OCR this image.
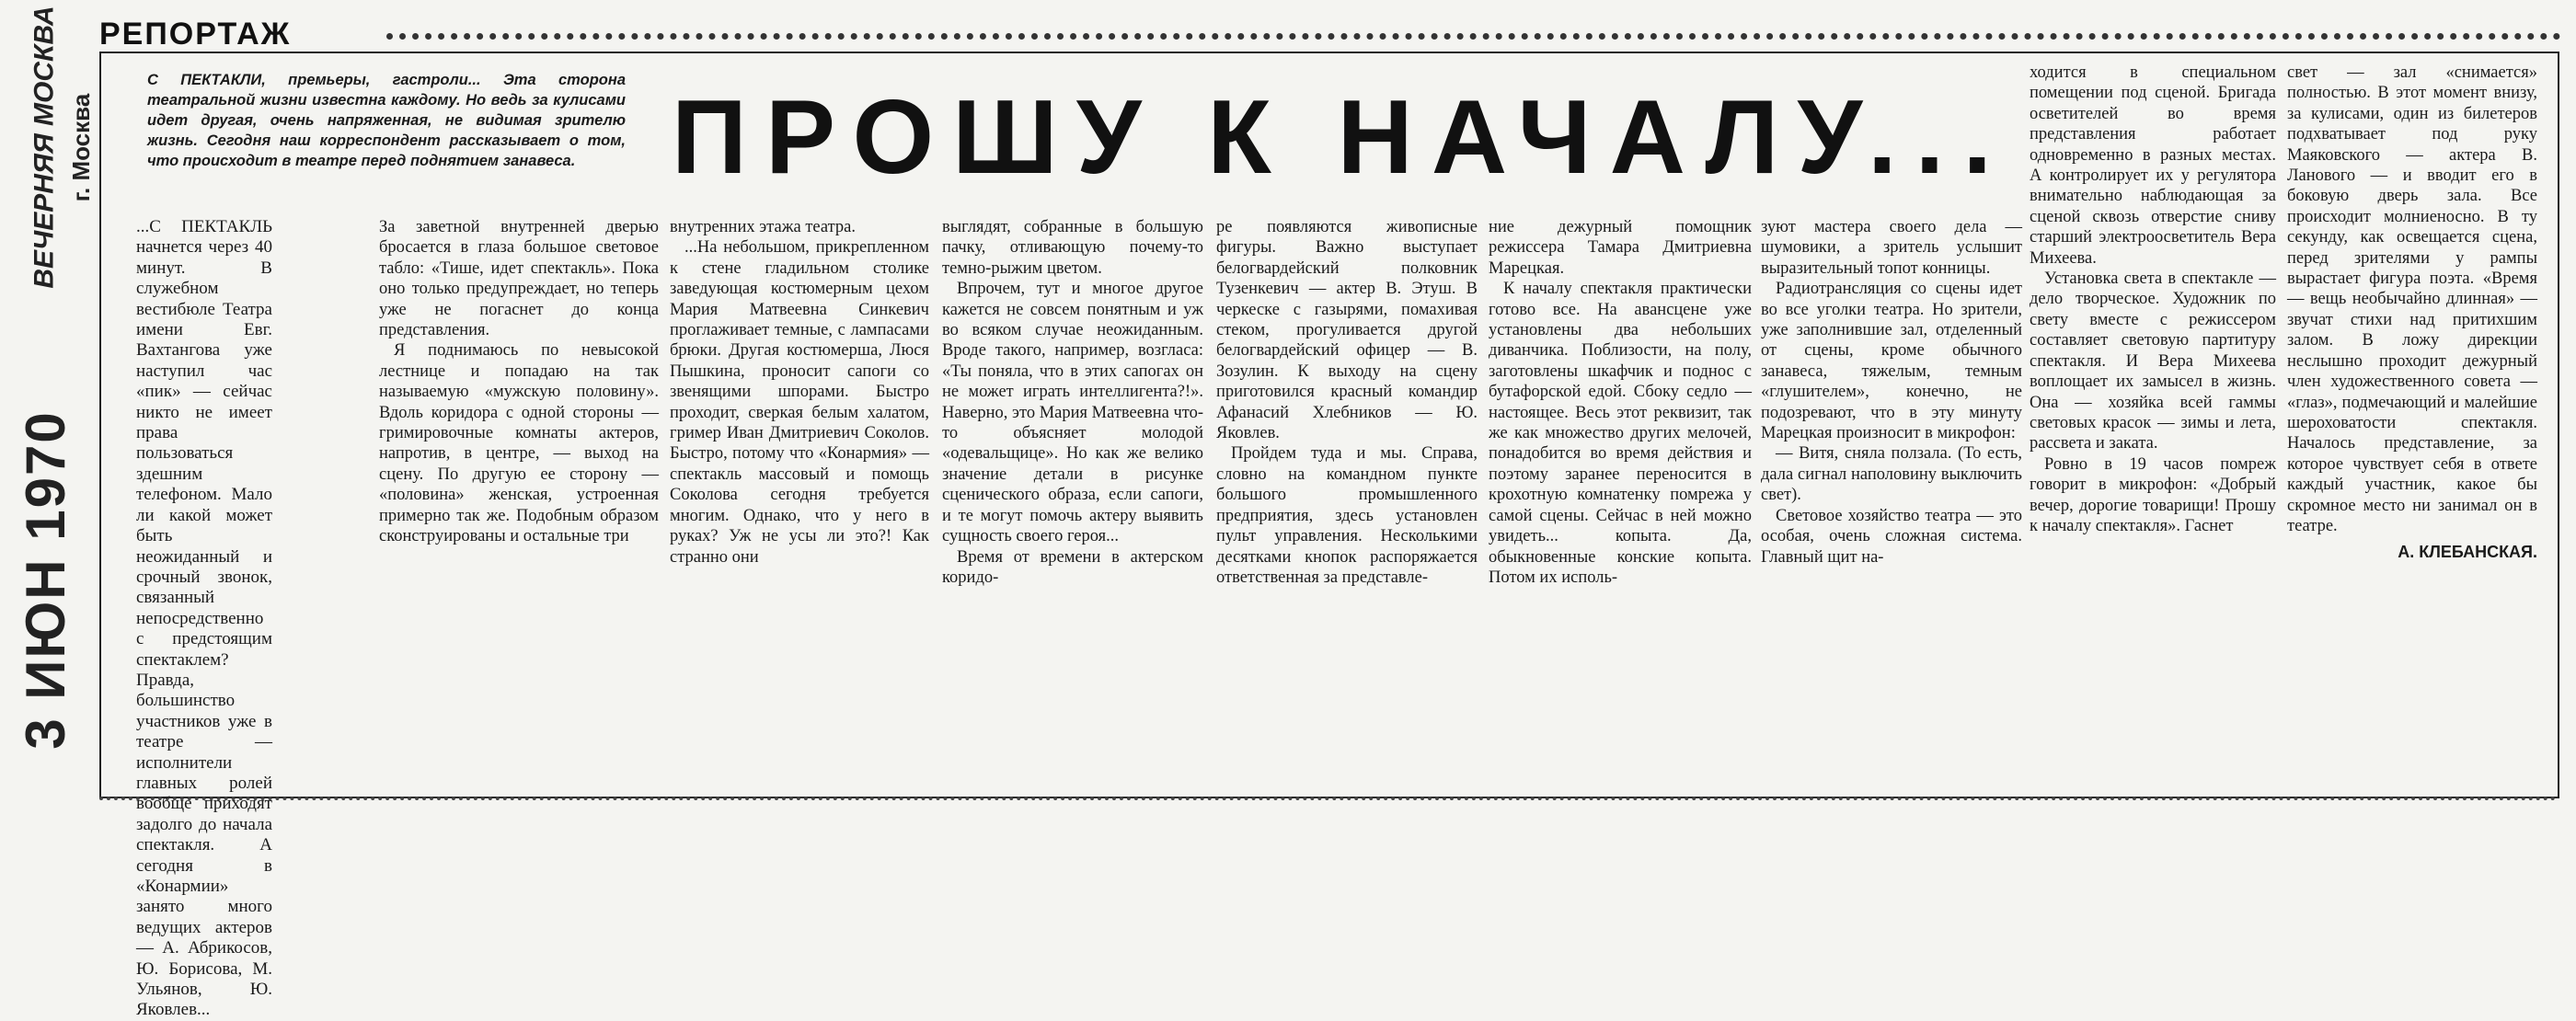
РЕПОРТАЖ
ВЕЧЕРНЯЯ МОСКВА г. Москва
3 ИЮН 1970
С ПЕКТАКЛИ, премьеры, гастроли... Эта сторона театральной жизни известна каждому. Но ведь за кулисами идет другая, очень напряженная, не видимая зрителю жизнь. Сегодня наш корреспондент рассказывает о том, что происходит в театре перед поднятием занавеса. ПРОШУ К НАЧАЛУ...

...С ПЕКТАКЛЬ начнется через 40 минут. В служебном вестибюле Театра имени Евг. Вахтангова уже наступил час «пик» — сейчас никто не имеет права пользоваться здешним телефоном. Мало ли какой может быть неожиданный и срочный звонок, связанный непосредственно с предстоящим спектаклем? Правда, большинство участников уже в театре — исполнители главных ролей вообще приходят задолго до начала спектакля. А сегодня в «Конармии» занято много ведущих актеров — А. Абрикосов, Ю. Борисова, М. Ульянов, Ю. Яковлев...

За заветной внутренней дверью бросается в глаза большое световое табло: «Тише, идет спектакль». Пока оно только предупреждает, но теперь уже не погаснет до конца представления.

Я поднимаюсь по невысокой лестнице и попадаю на так называемую «мужскую половину». Вдоль коридора с одной стороны — гримировочные комнаты актеров, напротив, в центре, — выход на сцену. По другую ее сторону — «половина» женская, устроенная примерно так же. Подобным образом сконструированы и остальные три

внутренних этажа театра.

...На небольшом, прикрепленном к стене гладильном столике заведующая костюмерным цехом Мария Матвеевна Синкевич проглаживает темные, с лампасами брюки. Другая костюмерша, Люся Пышкина, проносит сапоги со звенящими шпорами. Быстро проходит, сверкая белым халатом, гример Иван Дмитриевич Соколов. Быстро, потому что «Конармия» — спектакль массовый и помощь Соколова сегодня требуется многим. Однако, что у него в руках? Уж не усы ли это?! Как странно они

выглядят, собранные в большую пачку, отливающую почему-то темно-рыжим цветом.

Впрочем, тут и многое другое кажется не совсем понятным и уж во всяком случае неожиданным. Вроде такого, например, возгласа: «Ты поняла, что в этих сапогах он не может играть интеллигента?!». Наверно, это Мария Матвеевна что-то объясняет молодой «одевальщице». Но как же велико значение детали в рисунке сценического образа, если сапоги, и те могут помочь актеру выявить сущность своего героя...

Время от времени в актерском коридо-

ре появляются живописные фигуры. Важно выступает белогвардейский полковник Тузенкевич — актер В. Этуш. В черкеске с газырями, помахивая стеком, прогуливается другой белогвардейский офицер — В. Зозулин. К выходу на сцену приготовился красный командир Афанасий Хлебников — Ю. Яковлев.

Пройдем туда и мы. Справа, словно на командном пункте большого промышленного предприятия, здесь установлен пульт управления. Несколькими десятками кнопок распоряжается ответственная за представле-

ние дежурный помощник режиссера Тамара Дмитриевна Марецкая.

К началу спектакля практически готово все. На авансцене уже установлены два небольших диванчика. Поблизости, на полу, заготовлены шкафчик и поднос с бутафорской едой. Сбоку седло — настоящее. Весь этот реквизит, так же как множество других мелочей, понадобится во время действия и поэтому заранее переносится в крохотную комнатенку помрежа у самой сцены. Сейчас в ней можно увидеть... копыта. Да, обыкновенные конские копыта. Потом их исполь-

зуют мастера своего дела — шумовики, а зритель услышит выразительный топот конницы.

Радиотрансляция со сцены идет во все уголки театра. Но зрители, уже заполнившие зал, отделенный от сцены, кроме обычного занавеса, тяжелым, темным «глушителем», конечно, не подозревают, что в эту минуту Марецкая произносит в микрофон:

— Витя, сняла ползала. (То есть, дала сигнал наполовину выключить свет).

Световое хозяйство театра — это особая, очень сложная система. Главный щит на-

ходится в специальном помещении под сценой. Бригада осветителей во время представления работает одновременно в разных местах. А контролирует их у регулятора внимательно наблюдающая за сценой сквозь отверстие сниву старший электроосветитель Вера Михеева.

Установка света в спектакле — дело творческое. Художник по свету вместе с режиссером составляет световую партитуру спектакля. И Вера Михеева воплощает их замысел в жизнь. Она — хозяйка всей гаммы световых красок — зимы и лета, рассвета и заката.

Ровно в 19 часов помреж говорит в микрофон: «Добрый вечер, дорогие товарищи! Прошу к началу спектакля». Гаснет

свет — зал «снимается» полностью. В этот момент внизу, за кулисами, один из билетеров подхватывает под руку Маяковского — актера В. Ланового — и вводит его в боковую дверь зала. Все происходит молниеносно. В ту секунду, как освещается сцена, перед зрителями у рампы вырастает фигура поэта. «Время — вещь необычайно длинная» — звучат стихи над притихшим залом. В ложу дирекции неслышно проходит дежурный член художественного совета — «глаз», подмечающий и малейшие шероховатости спектакля. Началось представление, за которое чувствует себя в ответе каждый участник, какое бы скромное место ни занимал он в театре.

А. КЛЕБАНСКАЯ.
